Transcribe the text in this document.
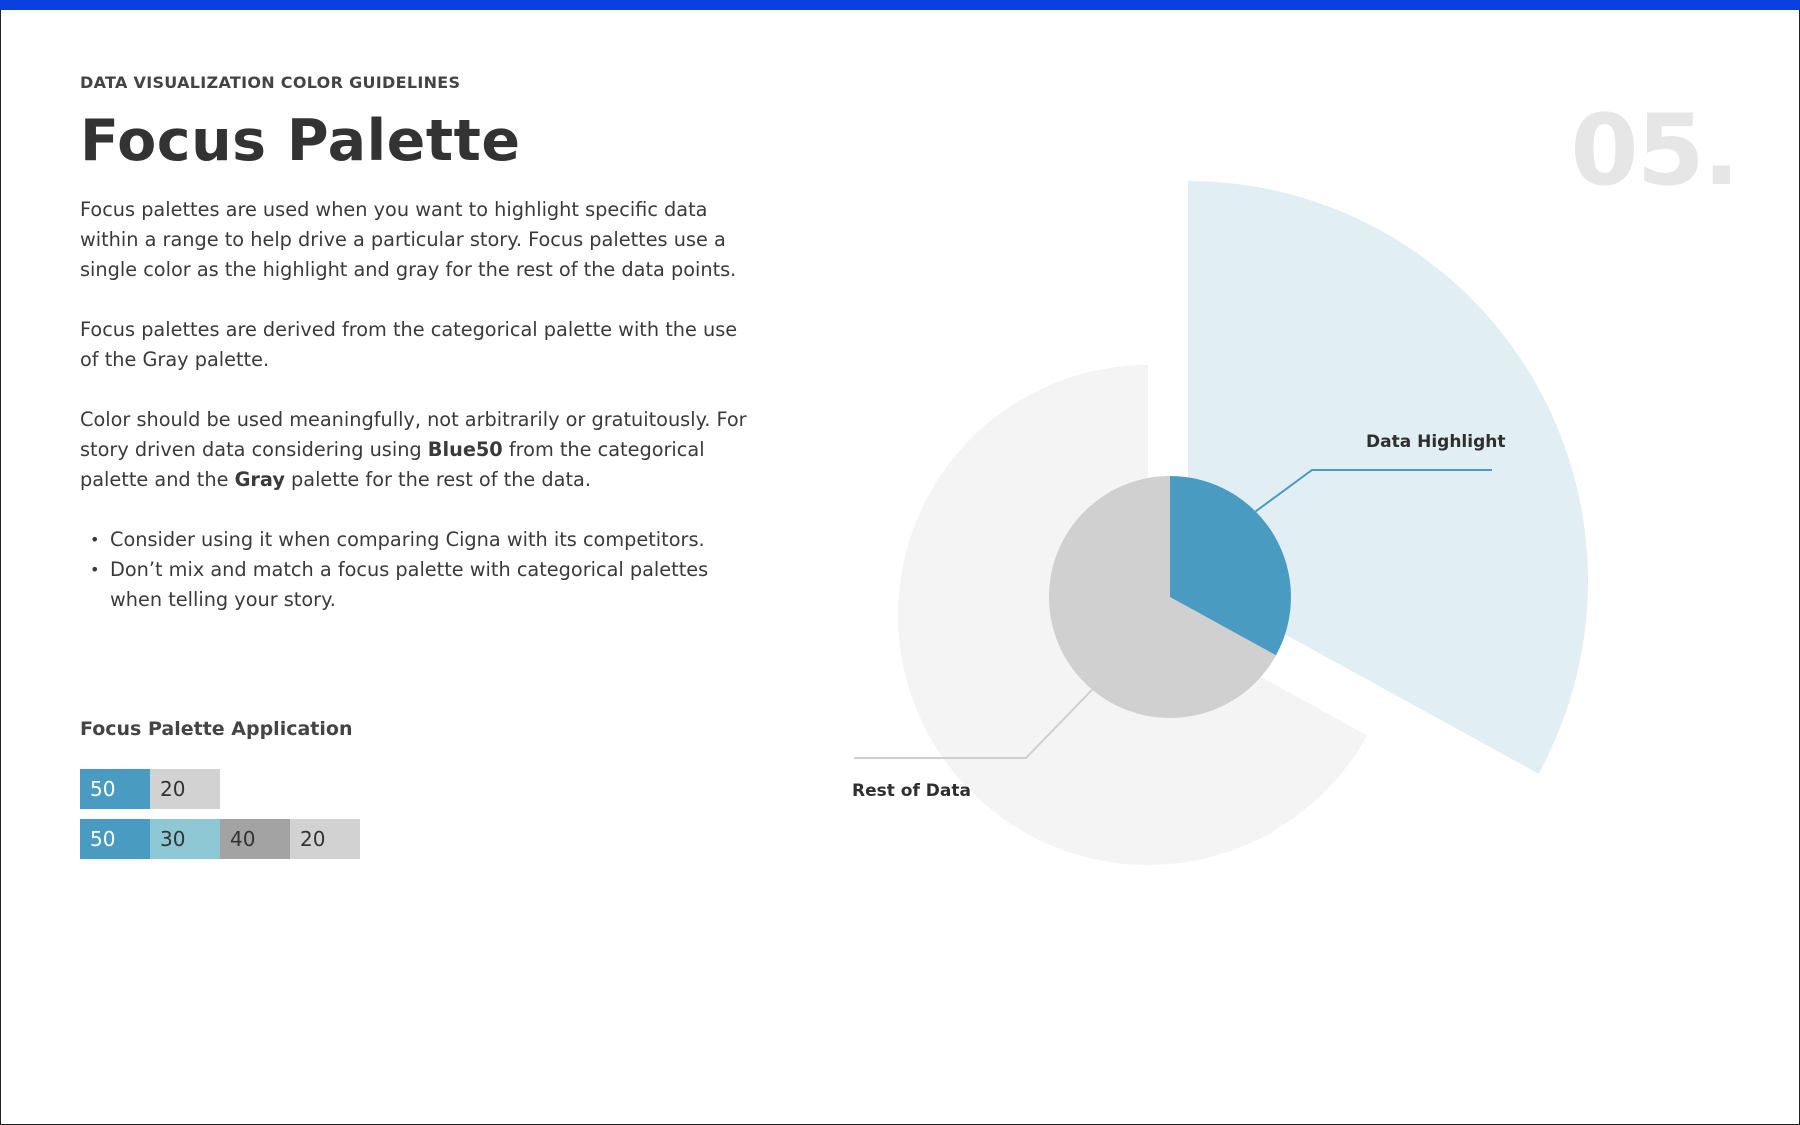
DATA VISUALIZATION COLOR GUIDELINES
Focus Palette	05.

Focus palettes are used when you want to highlight specific data within a range to help drive a particular story. Focus palettes use a single color as the highlight and gray for the rest of the data points.

Focus palettes are derived from the categorical palette with the use of the Gray palette.

Color should be used meaningfully, not arbitrarily or gratuitously. For story driven data considering using Blue50 from the categorical palette and the Gray palette for the rest of the data.

• Consider using it when comparing Cigna with its competitors.
• Don’t mix and match a focus palette with categorical palettes when telling your story.
Focus Palette Application
50	20
50	30	40	20
Data Highlight
Rest of Data
